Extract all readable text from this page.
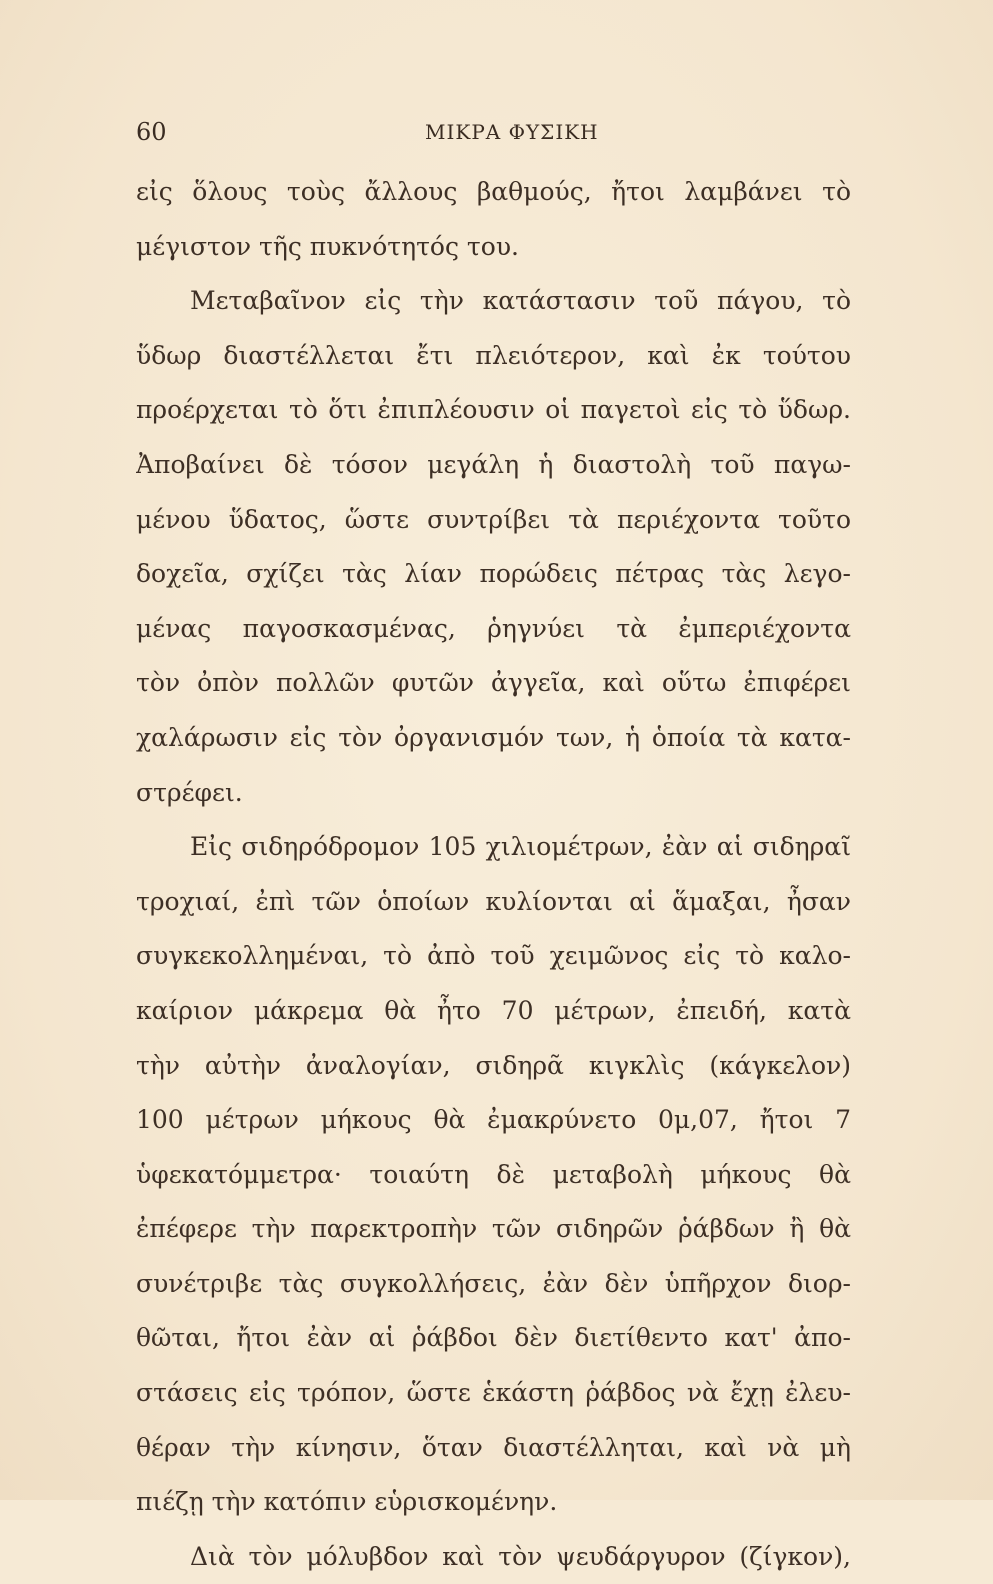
60	ΜΙΚΡΑ ΦΥΣΙΚΗ
εἰς ὅλους τοὺς ἄλλους βαθμούς, ἤτοι λαμβάνει τὸ
μέγιστον τῆς πυκνότητός του.
Μεταβαῖνον εἰς τὴν κατάστασιν τοῦ πάγου, τὸ
ὕδωρ διαστέλλεται ἔτι πλειότερον, καὶ ἐκ τούτου
προέρχεται τὸ ὅτι ἐπιπλέουσιν οἱ παγετοὶ εἰς τὸ ὕδωρ.
Ἀποβαίνει δὲ τόσον μεγάλη ἡ διαστολὴ τοῦ παγω-
μένου ὕδατος, ὥστε συντρίβει τὰ περιέχοντα τοῦτο
δοχεῖα, σχίζει τὰς λίαν πορώδεις πέτρας τὰς λεγο-
μένας παγοσκασμένας, ῥηγνύει τὰ ἐμπεριέχοντα
τὸν ὀπὸν πολλῶν φυτῶν ἀγγεῖα, καὶ οὕτω ἐπιφέρει
χαλάρωσιν εἰς τὸν ὀργανισμόν των, ἡ ὁποία τὰ κατα-
στρέφει.
Εἰς σιδηρόδρομον 105 χιλιομέτρων, ἐὰν αἱ σιδηραῖ
τροχιαί, ἐπὶ τῶν ὁποίων κυλίονται αἱ ἅμαξαι, ἦσαν
συγκεκολλημέναι, τὸ ἀπὸ τοῦ χειμῶνος εἰς τὸ καλο-
καίριον μάκρεμα θὰ ἦτο 70 μέτρων, ἐπειδή, κατὰ
τὴν αὐτὴν ἀναλογίαν, σιδηρᾶ κιγκλὶς (κάγκελον)
100 μέτρων μήκους θὰ ἐμακρύνετο 0μ,07, ἤτοι 7
ὑφεκατόμμετρα· τοιαύτη δὲ μεταβολὴ μήκους θὰ
ἐπέφερε τὴν παρεκτροπὴν τῶν σιδηρῶν ῥάβδων ἢ θὰ
συνέτριβε τὰς συγκολλήσεις, ἐὰν δὲν ὑπῆρχον διορ-
θῶται, ἤτοι ἐὰν αἱ ῥάβδοι δὲν διετίθεντο κατ' ἀπο-
στάσεις εἰς τρόπον, ὥστε ἑκάστη ῥάβδος νὰ ἔχῃ ἐλευ-
θέραν τὴν κίνησιν, ὅταν διαστέλληται, καὶ νὰ μὴ
πιέζῃ τὴν κατόπιν εὑρισκομένην.
Διὰ τὸν μόλυβδον καὶ τὸν ψευδάργυρον (ζίγκον),
